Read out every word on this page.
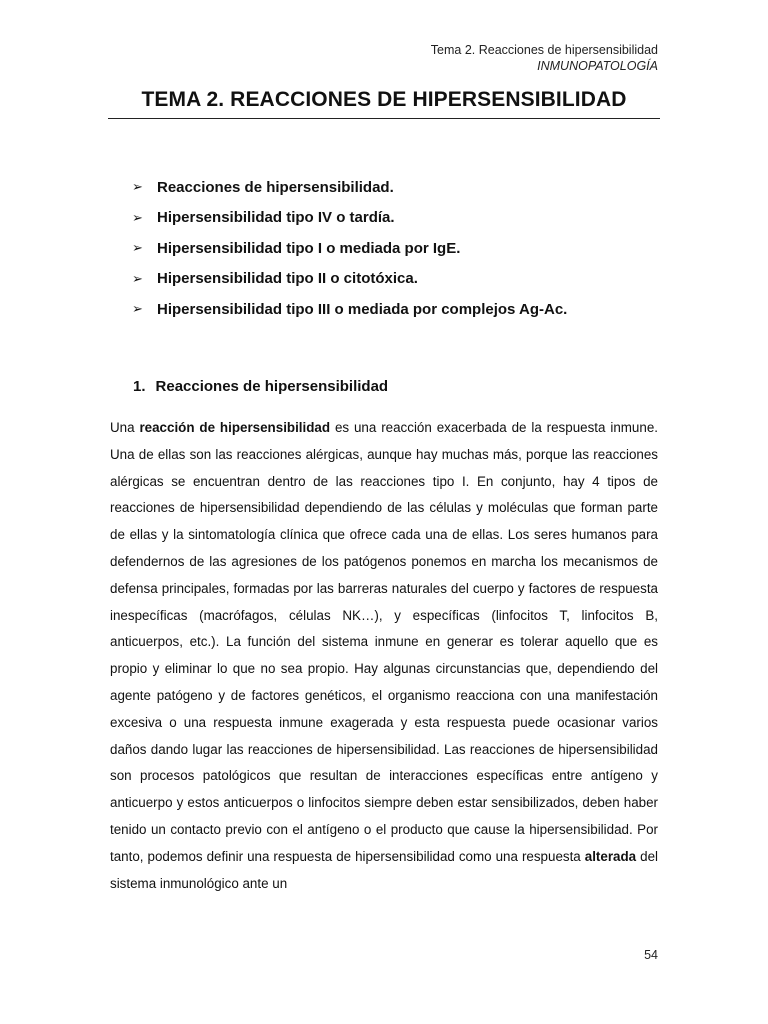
Tema 2. Reacciones de hipersensibilidad
INMUNOPATOLOGÍA
TEMA 2. REACCIONES DE HIPERSENSIBILIDAD
➢ Reacciones de hipersensibilidad.
➢ Hipersensibilidad tipo IV o tardía.
➢ Hipersensibilidad tipo I o mediada por IgE.
➢ Hipersensibilidad tipo II o citotóxica.
➢ Hipersensibilidad tipo III o mediada por complejos Ag-Ac.
1. Reacciones de hipersensibilidad

Una reacción de hipersensibilidad es una reacción exacerbada de la respuesta inmune. Una de ellas son las reacciones alérgicas, aunque hay muchas más, porque las reacciones alérgicas se encuentran dentro de las reacciones tipo I. En conjunto, hay 4 tipos de reacciones de hipersensibilidad dependiendo de las células y moléculas que forman parte de ellas y la sintomatología clínica que ofrece cada una de ellas. Los seres humanos para defendernos de las agresiones de los patógenos ponemos en marcha los mecanismos de defensa principales, formadas por las barreras naturales del cuerpo y factores de respuesta inespecíficas (macrófagos, células NK…), y específicas (linfocitos T, linfocitos B, anticuerpos, etc.). La función del sistema inmune en generar es tolerar aquello que es propio y eliminar lo que no sea propio. Hay algunas circunstancias que, dependiendo del agente patógeno y de factores genéticos, el organismo reacciona con una manifestación excesiva o una respuesta inmune exagerada y esta respuesta puede ocasionar varios daños dando lugar las reacciones de hipersensibilidad. Las reacciones de hipersensibilidad son procesos patológicos que resultan de interacciones específicas entre antígeno y anticuerpo y estos anticuerpos o linfocitos siempre deben estar sensibilizados, deben haber tenido un contacto previo con el antígeno o el producto que cause la hipersensibilidad. Por tanto, podemos definir una respuesta de hipersensibilidad como una respuesta alterada del sistema inmunológico ante un

54
